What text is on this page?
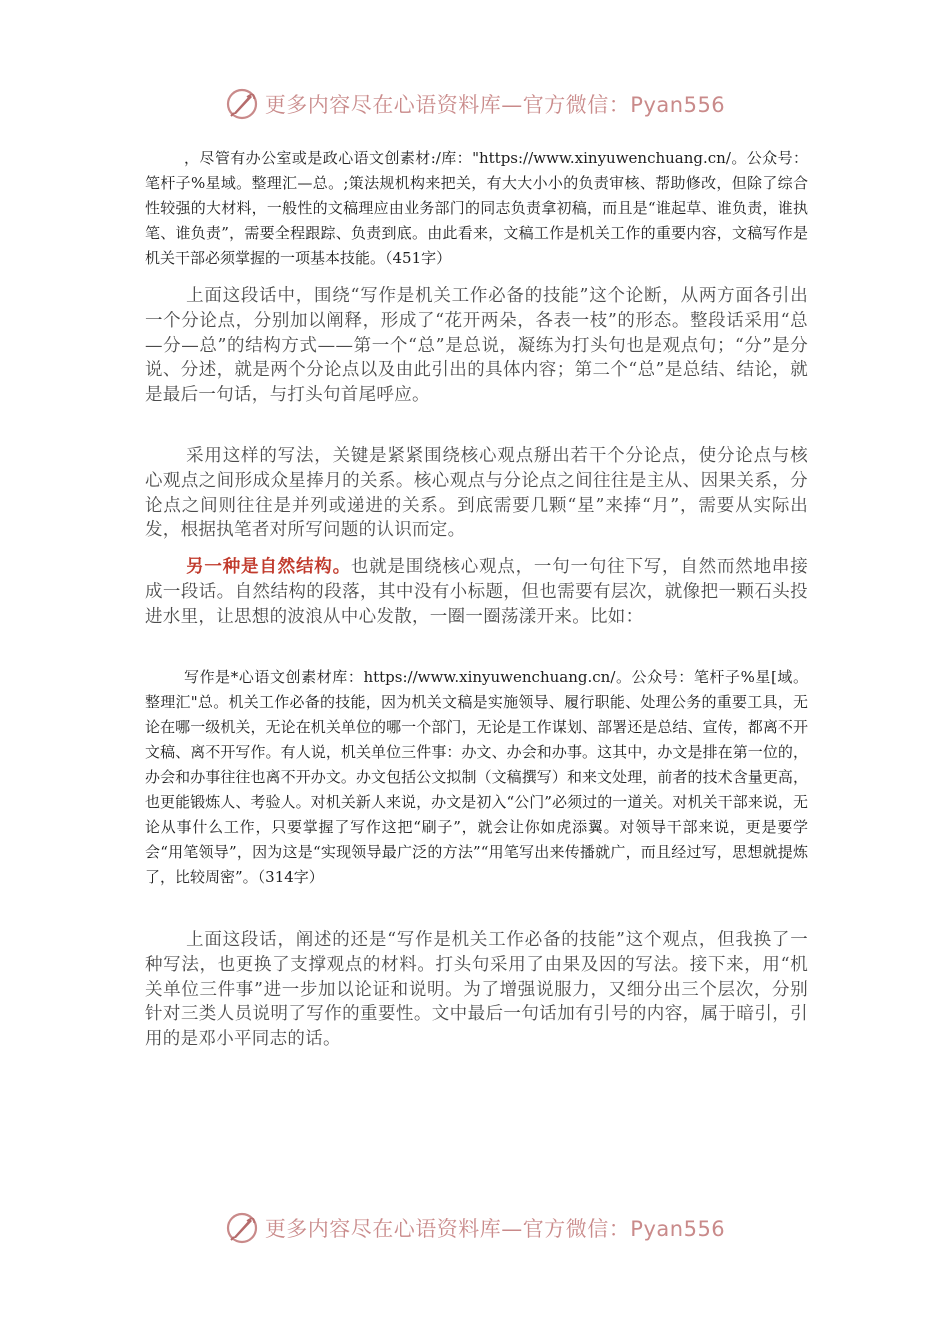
更多内容尽在心语资料库—官方微信：Pyan556

，尽管有办公室或是政心语文创素材:/库："https://www.xinyuwenchuang.cn/。公众号：笔杆子%星域。整理汇—总。;策法规机构来把关，有大大小小的负责审核、帮助修改，但除了综合性较强的大材料，一般性的文稿理应由业务部门的同志负责拿初稿，而且是“谁起草、谁负责，谁执笔、谁负责”，需要全程跟踪、负责到底。由此看来，文稿工作是机关工作的重要内容，文稿写作是机关干部必须掌握的一项基本技能。（451字）

上面这段话中，围绕“写作是机关工作必备的技能”这个论断，从两方面各引出一个分论点，分别加以阐释，形成了“花开两朵，各表一枝”的形态。整段话采用“总—分—总”的结构方式——第一个“总”是总说，凝练为打头句也是观点句；“分”是分说、分述，就是两个分论点以及由此引出的具体内容；第二个“总”是总结、结论，就是最后一句话，与打头句首尾呼应。

采用这样的写法，关键是紧紧围绕核心观点掰出若干个分论点，使分论点与核心观点之间形成众星捧月的关系。核心观点与分论点之间往往是主从、因果关系，分论点之间则往往是并列或递进的关系。到底需要几颗“星”来捧“月”，需要从实际出发，根据执笔者对所写问题的认识而定。

另一种是自然结构。也就是围绕核心观点，一句一句往下写，自然而然地串接成一段话。自然结构的段落，其中没有小标题，但也需要有层次，就像把一颗石头投进水里，让思想的波浪从中心发散，一圈一圈荡漾开来。比如：

写作是*心语文创素材库：https://www.xinyuwenchuang.cn/。公众号：笔杆子%星[域。整理汇"总。机关工作必备的技能，因为机关文稿是实施领导、履行职能、处理公务的重要工具，无论在哪一级机关，无论在机关单位的哪一个部门，无论是工作谋划、部署还是总结、宣传，都离不开文稿、离不开写作。有人说，机关单位三件事：办文、办会和办事。这其中，办文是排在第一位的，办会和办事往往也离不开办文。办文包括公文拟制（文稿撰写）和来文处理，前者的技术含量更高，也更能锻炼人、考验人。对机关新人来说，办文是初入“公门”必须过的一道关。对机关干部来说，无论从事什么工作，只要掌握了写作这把“刷子”，就会让你如虎添翼。对领导干部来说，更是要学会“用笔领导”，因为这是“实现领导最广泛的方法”“用笔写出来传播就广，而且经过写，思想就提炼了，比较周密”。（314字）

上面这段话，阐述的还是“写作是机关工作必备的技能”这个观点，但我换了一种写法，也更换了支撑观点的材料。打头句采用了由果及因的写法。接下来，用“机关单位三件事”进一步加以论证和说明。为了增强说服力，又细分出三个层次，分别针对三类人员说明了写作的重要性。文中最后一句话加有引号的内容，属于暗引，引用的是邓小平同志的话。

更多内容尽在心语资料库—官方微信：Pyan556
